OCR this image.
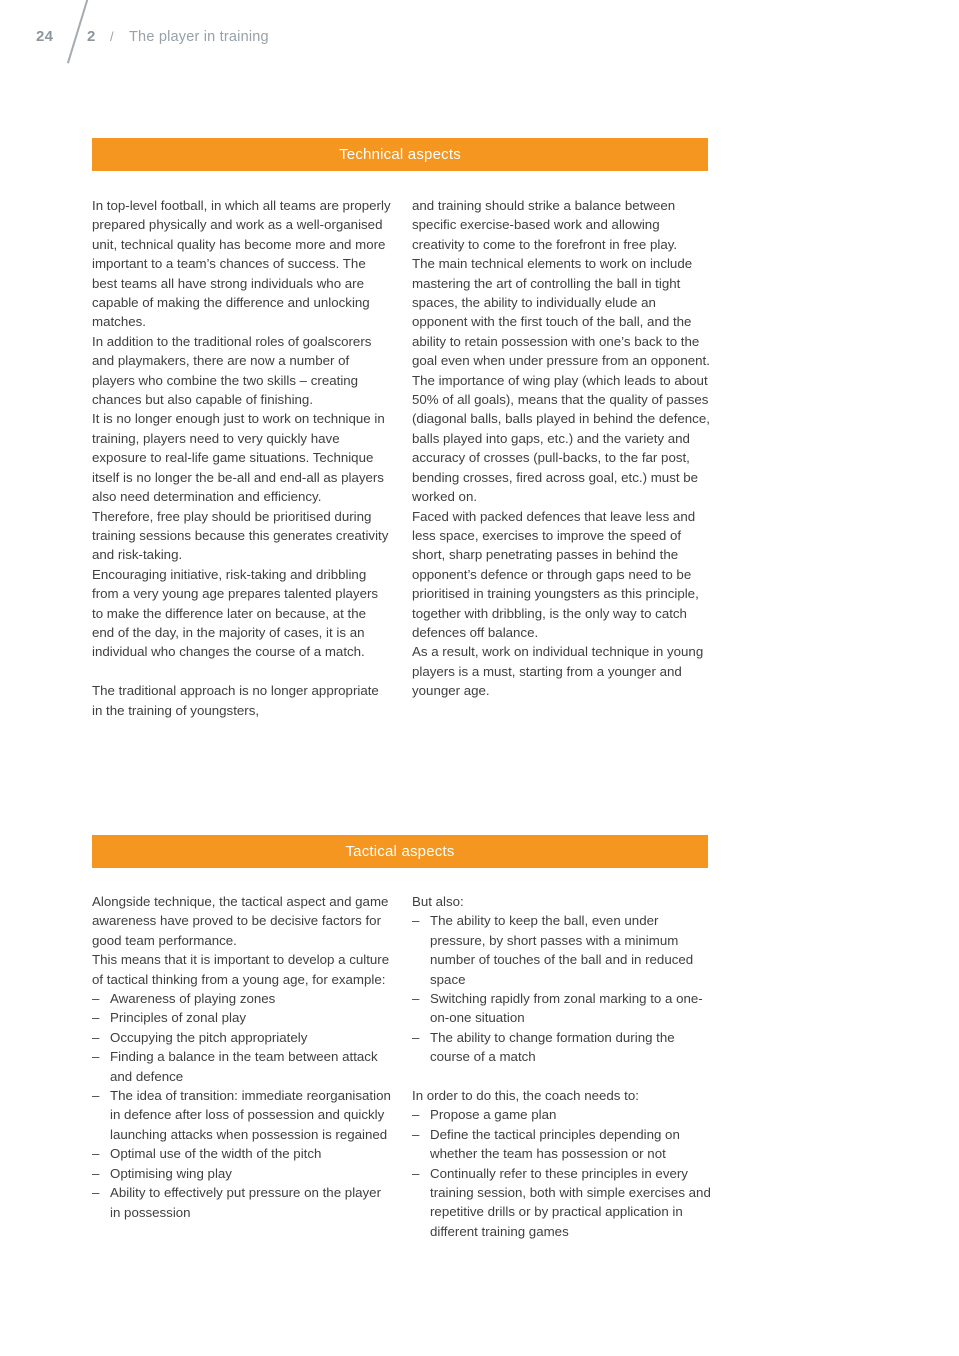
24 2 / The player in training
Technical aspects

In top-level football, in which all teams are properly prepared physically and work as a well-organised unit, technical quality has become more and more important to a team’s chances of success. The best teams all have strong individuals who are capable of making the difference and unlocking matches.

In addition to the traditional roles of goalscorers and playmakers, there are now a number of players who combine the two skills – creating chances but also capable of finishing.

It is no longer enough just to work on technique in training, players need to very quickly have exposure to real-life game situations. Technique itself is no longer the be-all and end-all as players also need determination and efficiency.

Therefore, free play should be prioritised during training sessions because this generates creativity and risk-taking.

Encouraging initiative, risk-taking and dribbling from a very young age prepares talented players to make the difference later on because, at the end of the day, in the majority of cases, it is an individual who changes the course of a match.

The traditional approach is no longer appropriate in the training of youngsters,

and training should strike a balance between specific exercise-based work and allowing creativity to come to the forefront in free play.

The main technical elements to work on include mastering the art of controlling the ball in tight spaces, the ability to individually elude an opponent with the first touch of the ball, and the ability to retain possession with one’s back to the goal even when under pressure from an opponent.

The importance of wing play (which leads to about 50% of all goals), means that the quality of passes (diagonal balls, balls played in behind the defence, balls played into gaps, etc.) and the variety and accuracy of crosses (pull-backs, to the far post, bending crosses, fired across goal, etc.) must be worked on.

Faced with packed defences that leave less and less space, exercises to improve the speed of short, sharp penetrating passes in behind the opponent’s defence or through gaps need to be prioritised in training youngsters as this principle, together with dribbling, is the only way to catch defences off balance.

As a result, work on individual technique in young players is a must, starting from a younger and younger age.

Tactical aspects

Alongside technique, the tactical aspect and game awareness have proved to be decisive factors for good team performance.

This means that it is important to develop a culture of tactical thinking from a young age, for example:

– Awareness of playing zones
– Principles of zonal play
– Occupying the pitch appropriately
– Finding a balance in the team between attack and defence
– The idea of transition: immediate reorganisation in defence after loss of possession and quickly launching attacks when possession is regained
– Optimal use of the width of the pitch
– Optimising wing play
– Ability to effectively put pressure on the player in possession

But also:

– The ability to keep the ball, even under pressure, by short passes with a minimum number of touches of the ball and in reduced space
– Switching rapidly from zonal marking to a one-on-one situation
– The ability to change formation during the course of a match

In order to do this, the coach needs to:

– Propose a game plan
– Define the tactical principles depending on whether the team has possession or not
– Continually refer to these principles in every training session, both with simple exercises and repetitive drills or by practical application in different training games
